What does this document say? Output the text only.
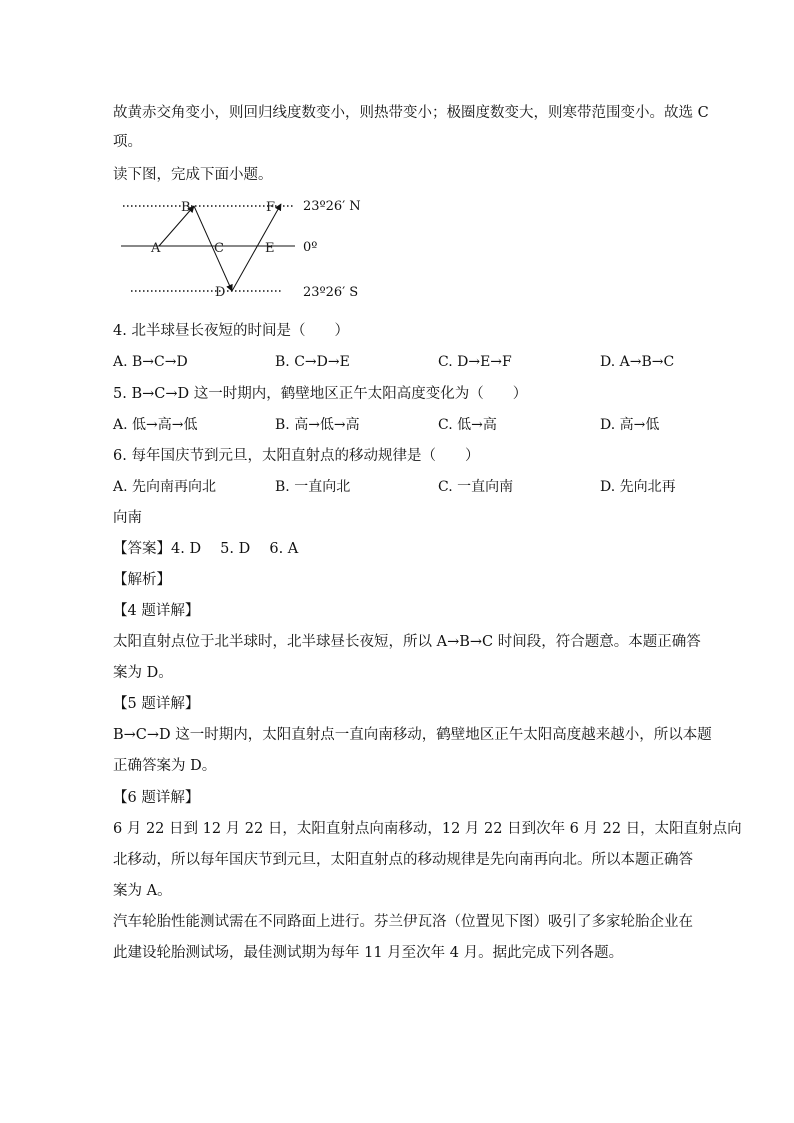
故黄赤交角变小，则回归线度数变小，则热带变小；极圈度数变大，则寒带范围变小。故选 C
项。
读下图，完成下面小题。
A
B
C
D
E
F 23º26′ N
0º
23º26′ S
4. 北半球昼长夜短的时间是（　　）
A. B→C→D	B. C→D→E	C. D→E→F	D. A→B→C
5. B→C→D 这一时期内，鹤壁地区正午太阳高度变化为（　　）
A. 低→高→低	B. 高→低→高	C. 低→高	D. 高→低
6. 每年国庆节到元旦，太阳直射点的移动规律是（　　）
A. 先向南再向北	B. 一直向北	C. 一直向南	D. 先向北再
向南
【答案】4. D　 5. D　 6. A
【解析】
【4 题详解】
太阳直射点位于北半球时，北半球昼长夜短，所以 A→B→C 时间段，符合题意。本题正确答
案为 D。
【5 题详解】
B→C→D 这一时期内，太阳直射点一直向南移动，鹤壁地区正午太阳高度越来越小，所以本题
正确答案为 D。
【6 题详解】
6 月 22 日到 12 月 22 日，太阳直射点向南移动，12 月 22 日到次年 6 月 22 日，太阳直射点向
北移动，所以每年国庆节到元旦，太阳直射点的移动规律是先向南再向北。所以本题正确答
案为 A。
汽车轮胎性能测试需在不同路面上进行。芬兰伊瓦洛（位置见下图）吸引了多家轮胎企业在
此建设轮胎测试场，最佳测试期为每年 11 月至次年 4 月。据此完成下列各题。
